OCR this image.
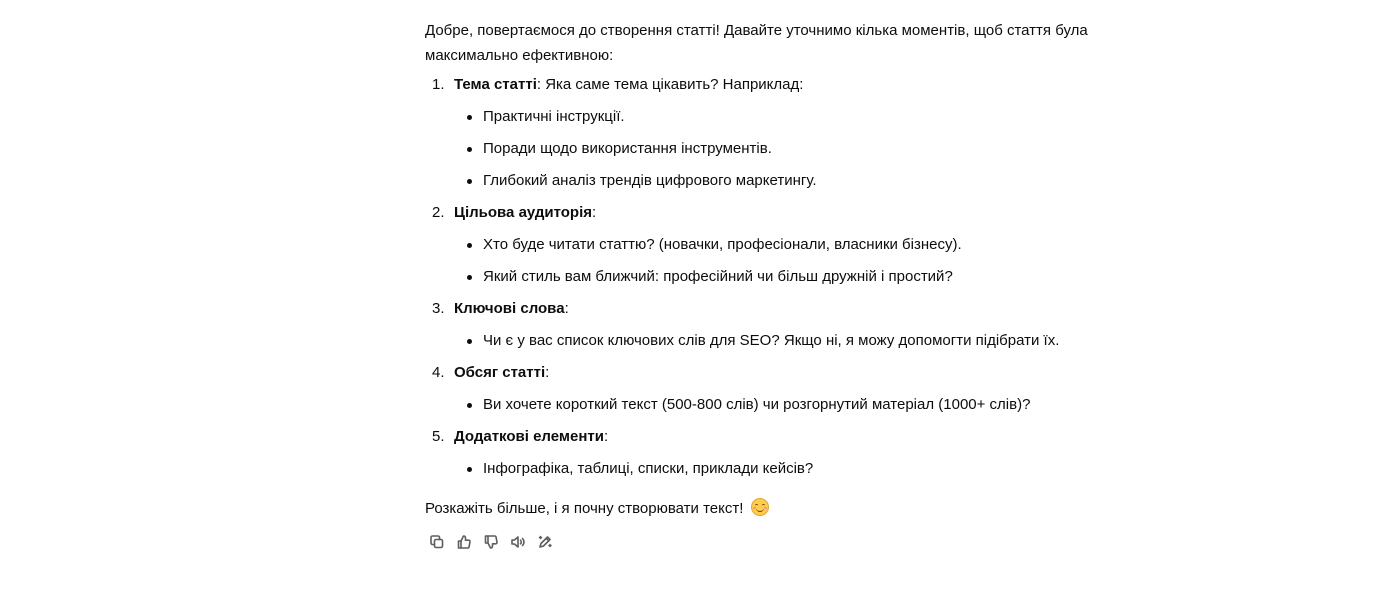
Добре, повертаємося до створення статті! Давайте уточнимо кілька моментів, щоб стаття була максимально ефективною:

1. Тема статті: Яка саме тема цікавить? Наприклад:
Практичні інструкції.
Поради щодо використання інструментів.
Глибокий аналіз трендів цифрового маркетингу.
2. Цільова аудиторія:
Хто буде читати статтю? (новачки, професіонали, власники бізнесу).
Який стиль вам ближчий: професійний чи більш дружній і простий?
3. Ключові слова:
Чи є у вас список ключових слів для SEO? Якщо ні, я можу допомогти підібрати їх.
4. Обсяг статті:
Ви хочете короткий текст (500-800 слів) чи розгорнутий матеріал (1000+ слів)?
5. Додаткові елементи:
Інфографіка, таблиці, списки, приклади кейсів?

Розкажіть більше, і я почну створювати текст!
